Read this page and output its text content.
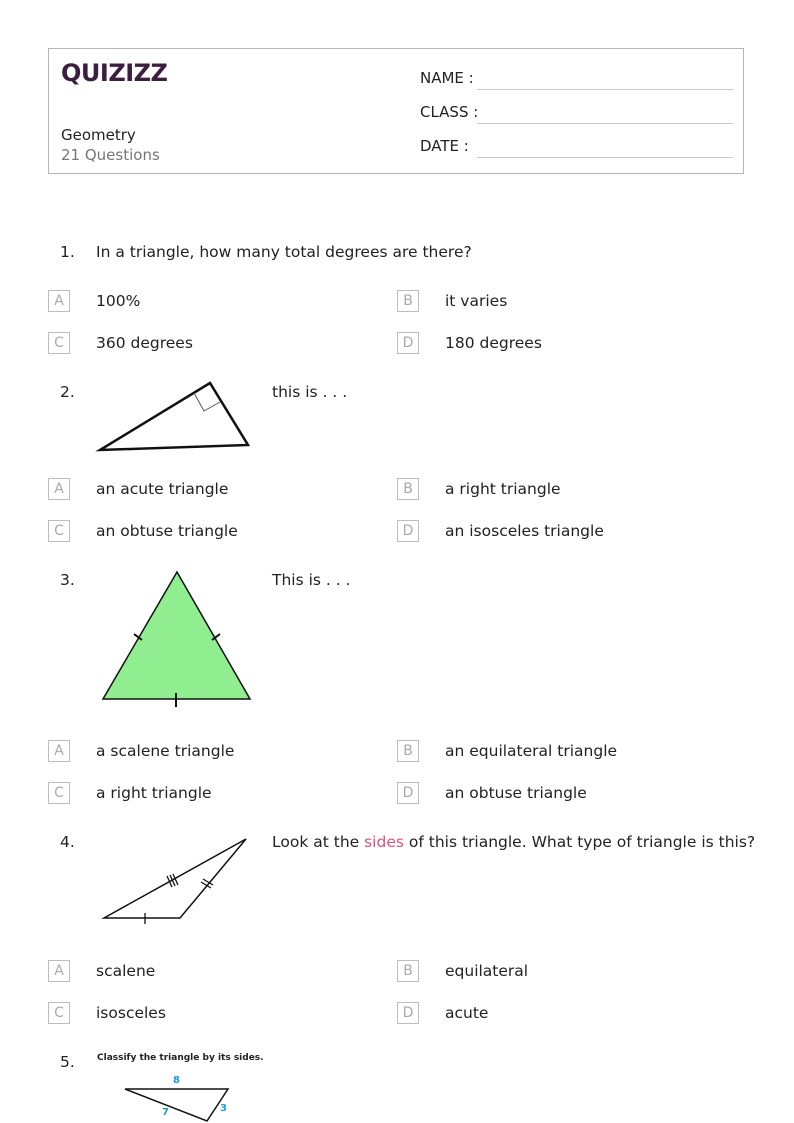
QUIZIZZ
Geometry
21 Questions
NAME :
CLASS :
DATE :
1. In a triangle, how many total degrees are there?
A	100%	B	it varies
C	360 degrees	D	180 degrees
2.	this is . . .
A	an acute triangle	B	a right triangle
C	an obtuse triangle	D	an isosceles triangle
3.	This is . . .
A	a scalene triangle	B	an equilateral triangle
C	a right triangle	D	an obtuse triangle
4.	Look at the sides of this triangle. What type of triangle is this?
A	scalene	B	equilateral
C	isosceles	D	acute
5. Classify the triangle by its sides.
8
7	3
